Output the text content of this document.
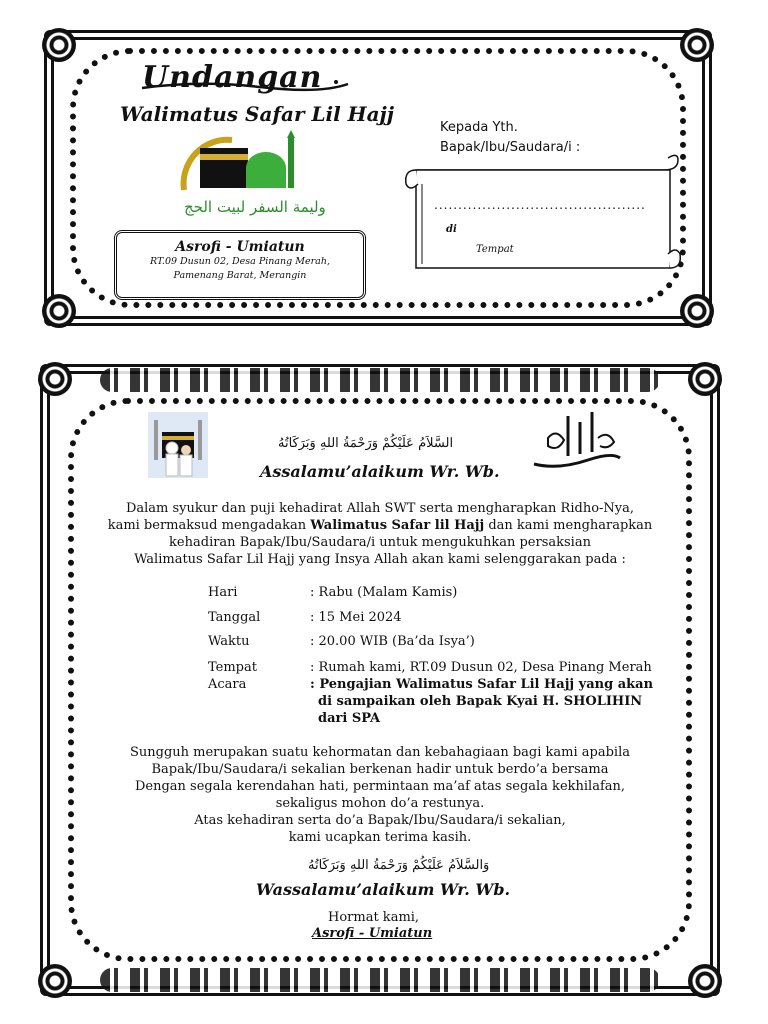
Undangan
Walimatus Safar Lil Hajj
وليمة السفر لبيت الحج
Asrofi - Umiatun
RT.09 Dusun 02, Desa Pinang Merah,
Pamenang Barat, Merangin
Kepada Yth.
Bapak/Ibu/Saudara/i :
............................................
di
Tempat
السَّلاَمُ عَلَيْكُمْ وَرَحْمَةُ اللهِ وَبَرَكَاتُهُ
Assalamu’alaikum Wr. Wb.
Dalam syukur dan puji kehadirat Allah SWT serta mengharapkan Ridho-Nya,
kami bermaksud mengadakan Walimatus Safar lil Hajj dan kami mengharapkan
kehadiran Bapak/Ibu/Saudara/i untuk mengukuhkan persaksian
Walimatus Safar Lil Hajj yang Insya Allah akan kami selenggarakan pada :
Hari	: Rabu (Malam Kamis)
Tanggal	: 15 Mei 2024
Waktu	: 20.00 WIB (Ba’da Isya’)
Tempat	: Rumah kami, RT.09 Dusun 02, Desa Pinang Merah
Acara	: Pengajian Walimatus Safar Lil Hajj yang akan
di sampaikan oleh Bapak Kyai H. SHOLIHIN
dari SPA
Sungguh merupakan suatu kehormatan dan kebahagiaan bagi kami apabila
Bapak/Ibu/Saudara/i sekalian berkenan hadir untuk berdo’a bersama
Dengan segala kerendahan hati, permintaan ma’af atas segala kekhilafan,
sekaligus mohon do’a restunya.
Atas kehadiran serta do’a Bapak/Ibu/Saudara/i sekalian,
kami ucapkan terima kasih.
وَالسَّلاَمُ عَلَيْكُمْ وَرَحْمَةُ اللهِ وَبَرَكَاتُهُ
Wassalamu’alaikum Wr. Wb.
Hormat kami,
Asrofi - Umiatun
